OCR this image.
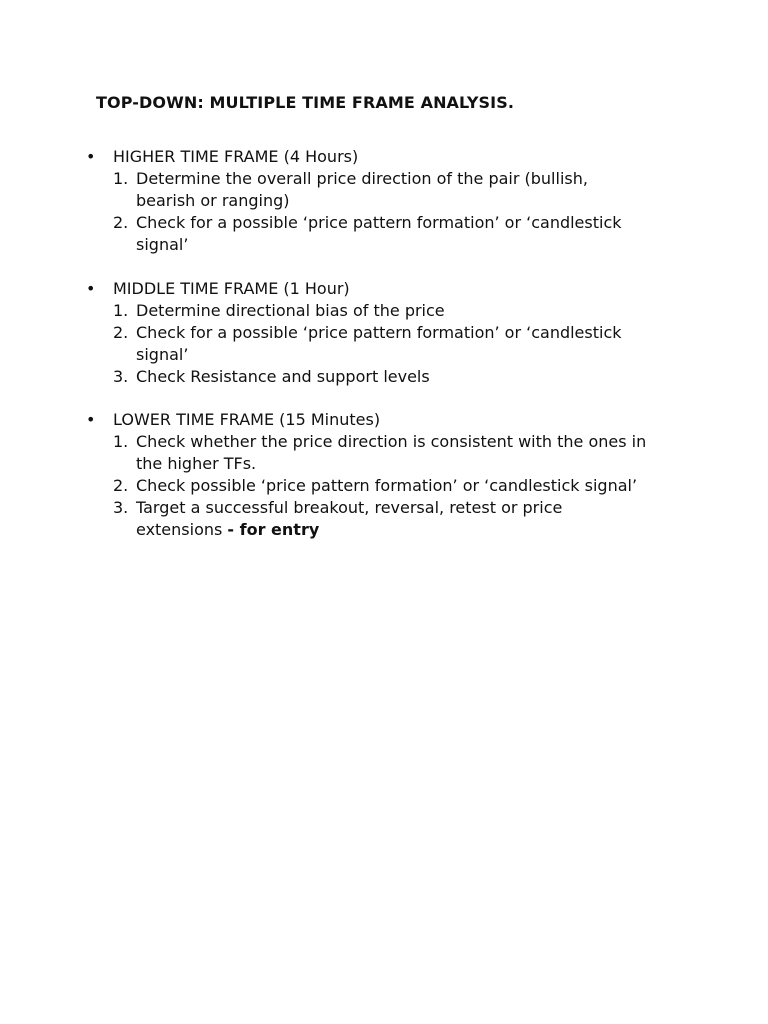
TOP-DOWN: MULTIPLE TIME FRAME ANALYSIS.
• HIGHER TIME FRAME (4 Hours)
1. Determine the overall price direction of the pair (bullish,
bearish or ranging)
2. Check for a possible ‘price pattern formation’ or ‘candlestick
signal’
• MIDDLE TIME FRAME (1 Hour)
1. Determine directional bias of the price
2. Check for a possible ‘price pattern formation’ or ‘candlestick
signal’
3. Check Resistance and support levels
• LOWER TIME FRAME (15 Minutes)
1. Check whether the price direction is consistent with the ones in
the higher TFs.
2. Check possible ‘price pattern formation’ or ‘candlestick signal’
3. Target a successful breakout, reversal, retest or price
extensions - for entry
